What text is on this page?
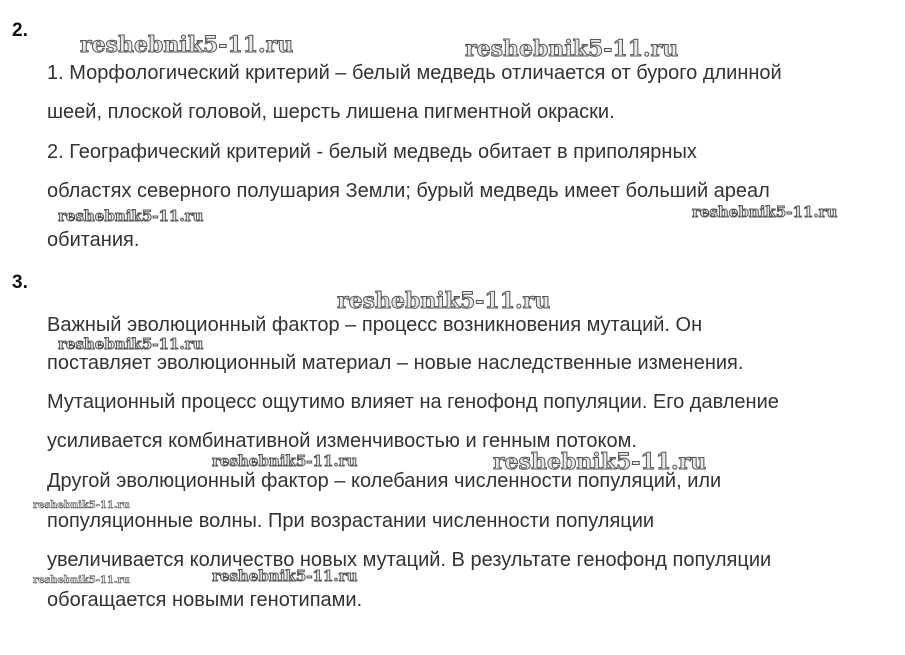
2.
1. Морфологический критерий – белый медведь отличается от бурого длинной
шеей, плоской головой, шерсть лишена пигментной окраски.
2. Географический критерий - белый медведь обитает в приполярных
областях северного полушария Земли; бурый медведь имеет больший ареал
обитания.
3.
Важный эволюционный фактор – процесс возникновения мутаций. Он
поставляет эволюционный материал – новые наследственные изменения.
Мутационный процесс ощутимо влияет на генофонд популяции. Его давление
усиливается комбинативной изменчивостью и генным потоком.
Другой эволюционный фактор – колебания численности популяций, или
популяционные волны. При возрастании численности популяции
увеличивается количество новых мутаций. В результате генофонд популяции
обогащается новыми генотипами.
reshebnik5-11.ru	reshebnik5-11.ru
reshebnik5-11.ru	reshebnik5-11.ru
reshebnik5-11.ru
reshebnik5-11.ru
reshebnik5-11.ru	reshebnik5-11.ru
reshebnik5-11.ru
reshebnik5-11.ru
reshebnik5-11.ru
